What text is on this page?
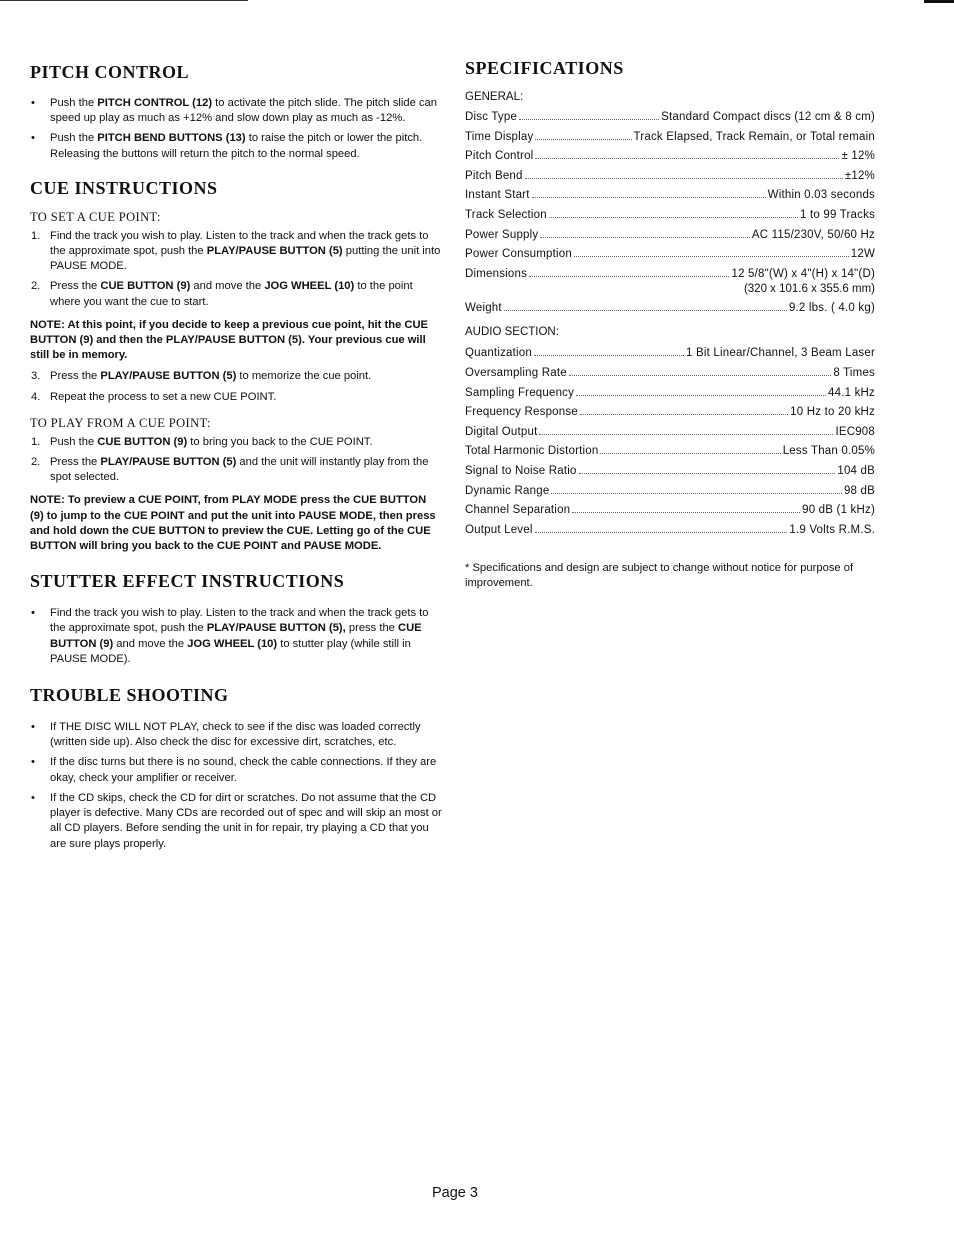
PITCH CONTROL
• Push the PITCH CONTROL (12) to activate the pitch slide. The pitch slide can speed up play as much as +12% and slow down play as much as -12%.
• Push the PITCH BEND BUTTONS (13) to raise the pitch or lower the pitch. Releasing the buttons will return the pitch to the normal speed.
CUE INSTRUCTIONS
TO SET A CUE POINT:
1. Find the track you wish to play. Listen to the track and when the track gets to the approximate spot, push the PLAY/PAUSE BUTTON (5) putting the unit into PAUSE MODE.
2. Press the CUE BUTTON (9) and move the JOG WHEEL (10) to the point where you want the cue to start.
NOTE: At this point, if you decide to keep a previous cue point, hit the CUE BUTTON (9) and then the PLAY/PAUSE BUTTON (5). Your previous cue will still be in memory.
3. Press the PLAY/PAUSE BUTTON (5) to memorize the cue point.
4. Repeat the process to set a new CUE POINT.
TO PLAY FROM A CUE POINT:
1. Push the CUE BUTTON (9) to bring you back to the CUE POINT.
2. Press the PLAY/PAUSE BUTTON (5) and the unit will instantly play from the spot selected.
NOTE: To preview a CUE POINT, from PLAY MODE press the CUE BUTTON (9) to jump to the CUE POINT and put the unit into PAUSE MODE, then press and hold down the CUE BUTTON to preview the CUE. Letting go of the CUE BUTTON will bring you back to the CUE POINT and PAUSE MODE.
STUTTER EFFECT INSTRUCTIONS
• Find the track you wish to play. Listen to the track and when the track gets to the approximate spot, push the PLAY/PAUSE BUTTON (5), press the CUE BUTTON (9) and move the JOG WHEEL (10) to stutter play (while still in PAUSE MODE).
TROUBLE SHOOTING
• If THE DISC WILL NOT PLAY, check to see if the disc was loaded correctly (written side up). Also check the disc for excessive dirt, scratches, etc.
• If the disc turns but there is no sound, check the cable connections. If they are okay, check your amplifier or receiver.
• If the CD skips, check the CD for dirt or scratches. Do not assume that the CD player is defective. Many CDs are recorded out of spec and will skip an most or all CD players. Before sending the unit in for repair, try playing a CD that you are sure plays properly.
SPECIFICATIONS
GENERAL:
Disc Type	Standard Compact discs (12 cm & 8 cm)
Time Display	Track Elapsed, Track Remain, or Total remain
Pitch Control	± 12%
Pitch Bend	±12%
Instant Start	Within 0.03 seconds
Track Selection	1 to 99 Tracks
Power Supply	AC 115/230V, 50/60 Hz
Power Consumption	12W
Dimensions	12 5/8"(W) x 4"(H) x 14"(D)
(320 x 101.6 x 355.6 mm)
Weight	9.2 lbs. ( 4.0 kg)
AUDIO SECTION:
Quantization	1 Bit Linear/Channel, 3 Beam Laser
Oversampling Rate	8 Times
Sampling Frequency	44.1 kHz
Frequency Response	10 Hz to 20 kHz
Digital Output	IEC908
Total Harmonic Distortion	Less Than 0.05%
Signal to Noise Ratio	104 dB
Dynamic Range	98 dB
Channel Separation	90 dB (1 kHz)
Output Level	1.9 Volts R.M.S.
* Specifications and design are subject to change without notice for purpose of improvement.
Page 3
